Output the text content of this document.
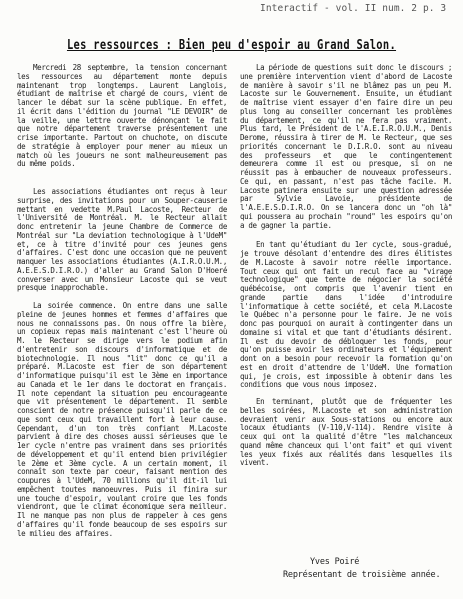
Interactif - vol. II num. 2 p. 3
Les ressources : Bien peu d'espoir au Grand Salon.

Mercredi 28 septembre, la tension concernant les ressources au département monte depuis maintenant trop longtemps. Laurent Langlois, étudiant de maîtrise et chargé de cours, vient de lancer le débat sur la scène publique. En effet, il écrit dans l'édition du journal "LE DEVOIR" de la veille, une lettre ouverte dénonçant le fait que notre département traverse présentement une crise importante. Partout on chuchote, on discute de stratégie à employer pour mener au mieux un match où les joueurs ne sont malheureusement pas du même poids.

Les associations étudiantes ont reçus à leur surprise, des invitations pour un Souper-causerie mettant en vedette M.Paul Lacoste, Recteur de l'Université de Montréal. M. le Recteur allait donc entretenir la jeune Chambre de Commerce de Montréal sur "La deviation technologique à l'UdeM" et, ce à titre d'invité pour ces jeunes gens d'affaires. C'est donc une occasion que ne peuvent manquer les associations étudiantes (A.I.R.O.U.M., A.E.E.S.D.I.R.O.) d'aller au Grand Salon D'Hoeré converser avec un Monsieur Lacoste qui se veut presque inapprochable.

La soirée commence. On entre dans une salle pleine de jeunes hommes et femmes d'affaires que nous ne connaissons pas. On nous offre la bière, un copieux repas mais maintenant c'est l'heure où M. le Recteur se dirige vers le podium afin d'entretenir son discours d'informatique et de biotechnologie. Il nous "lit" donc ce qu'il a préparé. M.Lacoste est fier de son département d'informatique puisqu'il est le 3ème en importance au Canada et le 1er dans le doctorat en français. Il note cependant la situation peu encourageante que vit présentement le département. Il semble conscient de notre présence puisqu'il parle de ce que sont ceux qui travaillent fort à leur cause. Cependant, d'un ton très confiant M.Lacoste parvient à dire des choses aussi sérieuses que le 1er cycle n'entre pas vraiment dans ses priorités de développement et qu'il entend bien privilégier le 2ème et 3ème cycle. A un certain moment, il connaît son texte par coeur, faisant mention des coupures à l'UdeM, 70 millions qu'il dit-il lui empêchent toutes manoeuvres. Puis il finira sur une touche d'espoir, voulant croire que les fonds viendront, que le climat économique sera meilleur. Il ne manque pas non plus de rappeler à ces gens d'affaires qu'il fonde beaucoup de ses espoirs sur le milieu des affaires.

La période de questions suit donc le discours ; une première intervention vient d'abord de Lacoste de manière à savoir s'il ne blâmez pas un peu M. Lacoste sur le Gouvernement. Ensuite, un étudiant de maîtrise vient essayer d'en faire dire un peu plus long au conseiller concernant les problèmes du département, ce qu'il ne fera pas vraiment. Plus tard, le Président de l'A.E.I.R.O.U.M., Denis Derome, réussira à tirer de M. le Recteur, que ses priorités concernant le D.I.R.O. sont au niveau des professeurs et que le contingentement demeurera comme il est ou presque, si on ne réussit pas à embaucher de nouveaux professeurs. Ce qui, en passant, n'est pas tâche facile. M. Lacoste patinera ensuite sur une question adressée par Sylvie Lavoie, présidente de l'A.E.E.S.D.I.R.O. On se lancera donc un "oh là" qui poussera au prochain "round" les espoirs qu'on a de gagner la partie.

En tant qu'étudiant du 1er cycle, sous-gradué, je trouve désolant d'entendre des dires élitistes de M.Lacoste à savoir notre réelle importance. Tout ceux qui ont fait un recul face au "virage technologique" que tente de négocier la société québécoise, ont compris que l'avenir tient en grande partie dans l'idée d'introduire l'informatique à cette société, et cela M.Lacoste le Québec n'a personne pour le faire. Je ne vois donc pas pourquoi on aurait à contingenter dans un domaine si vital et que tant d'étudiants désirent. Il est du devoir de débloquer les fonds, pour qu'on puisse avoir les ordinateurs et l'équipement dont on a besoin pour recevoir la formation qu'on est en droit d'attendre de l'UdeM. Une formation qui, je crois, est impossible à obtenir dans les conditions que vous nous imposez.

En terminant, plutôt que de fréquenter les belles soirées, M.Lacoste et son administration devraient venir aux Sous-stations ou encore aux locaux étudiants (V-110,V-114). Rendre visite à ceux qui ont la qualité d'être "les malchanceux quand même chanceux qui l'ont fait" et qui vivent les yeux fixés aux réalités dans lesquelles ils vivent.

Yves Poiré
Représentant de troisième année.
